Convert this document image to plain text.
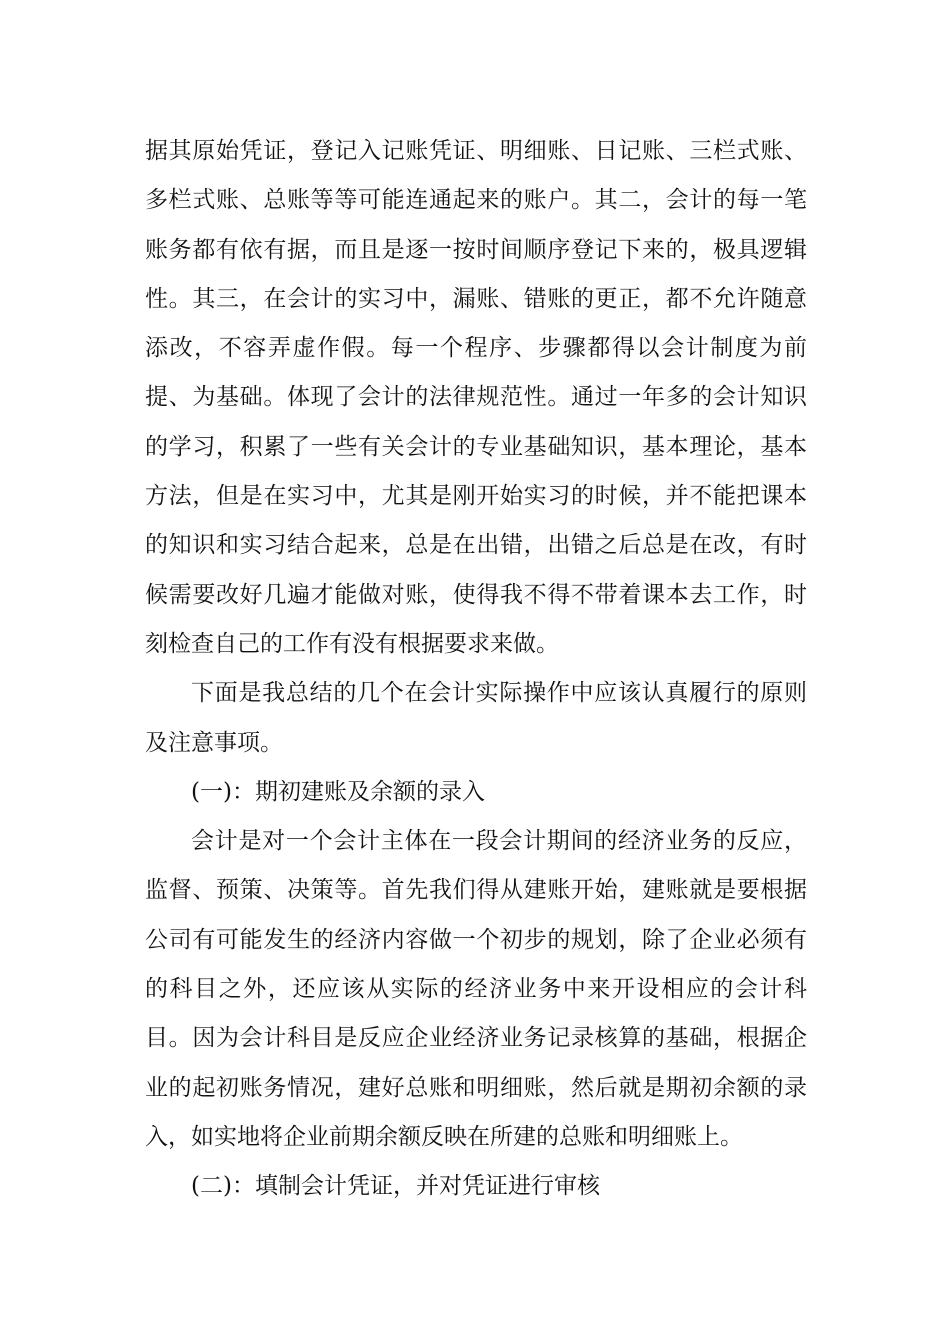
据其原始凭证，登记入记账凭证、明细账、日记账、三栏式账、多栏式账、总账等等可能连通起来的账户。其二，会计的每一笔账务都有依有据，而且是逐一按时间顺序登记下来的，极具逻辑性。其三，在会计的实习中，漏账、错账的更正，都不允许随意添改，不容弄虚作假。每一个程序、步骤都得以会计制度为前提、为基础。体现了会计的法律规范性。通过一年多的会计知识的学习，积累了一些有关会计的专业基础知识，基本理论，基本方法，但是在实习中，尤其是刚开始实习的时候，并不能把课本的知识和实习结合起来，总是在出错，出错之后总是在改，有时候需要改好几遍才能做对账，使得我不得不带着课本去工作，时刻检查自己的工作有没有根据要求来做。

下面是我总结的几个在会计实际操作中应该认真履行的原则及注意事项。

(一)：期初建账及余额的录入

会计是对一个会计主体在一段会计期间的经济业务的反应，监督、预策、决策等。首先我们得从建账开始，建账就是要根据公司有可能发生的经济内容做一个初步的规划，除了企业必须有的科目之外，还应该从实际的经济业务中来开设相应的会计科目。因为会计科目是反应企业经济业务记录核算的基础，根据企业的起初账务情况，建好总账和明细账，然后就是期初余额的录入，如实地将企业前期余额反映在所建的总账和明细账上。

(二)：填制会计凭证，并对凭证进行审核
